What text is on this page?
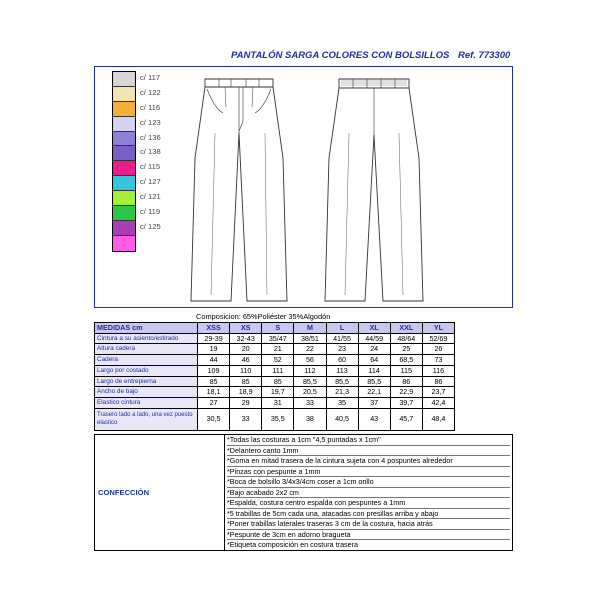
PANTALÓN SARGA COLORES CON BOLSILLOS Ref. 773300
c/ 117
c/ 122
c/ 116
c/ 123
c/ 136
c/ 138
c/ 115
c/ 127
c/ 121
c/ 119
c/ 125
Composicion: 65%Poliéster 35%Algodón
MEDIDAS cm	XSS	XS	S	M	L	XL	XXL	YL
Cintura a su asiento/estirado	29-39	32-43	35/47	38/51	41/55	44/59	48/64	52/69
Altura cadera	19	20	21	22	23	24	25	26
Cadera	44	46	52	56	60	64	68,5	73
Largo por costado	109	110	111	112	113	114	115	116
Largo de entrepierna	85	85	85	85,5	85,5	85,5	86	86
Ancho de bajo	18,1	18,9	19,7	20,5	21,3	22,1	22,9	23,7
Elastico cintura	27	29	31	33	35	37	39,7	42,4
Trasero lado a lado, una vez puesto elastico	30,5	33	35,5	38	40,5	43	45,7	48,4
CONFECCIÓN	
*Todas las costuras a 1cm "4,5 puntadas x 1cm"
*Delantero canto 1mm
*Goma en mitad trasera de la cintura sujeta con 4 pospuntes alrededor
*Pinzas con pespunte a 1mm
*Boca de bolsillo 3/4x3/4cm coser a 1cm orillo
*Bajo acabado 2x2 cm
*Espalda, costura centro espalda con pespuntes a 1mm
*5 trabillas de 5cm cada una, atacadas con presillas arriba y abajo
*Poner trabillas laterales traseras 3 cm de la costura, hacia atrás
*Pespunte de 3cm en adorno bragueta
*Etiqueta composición en costura trasera
